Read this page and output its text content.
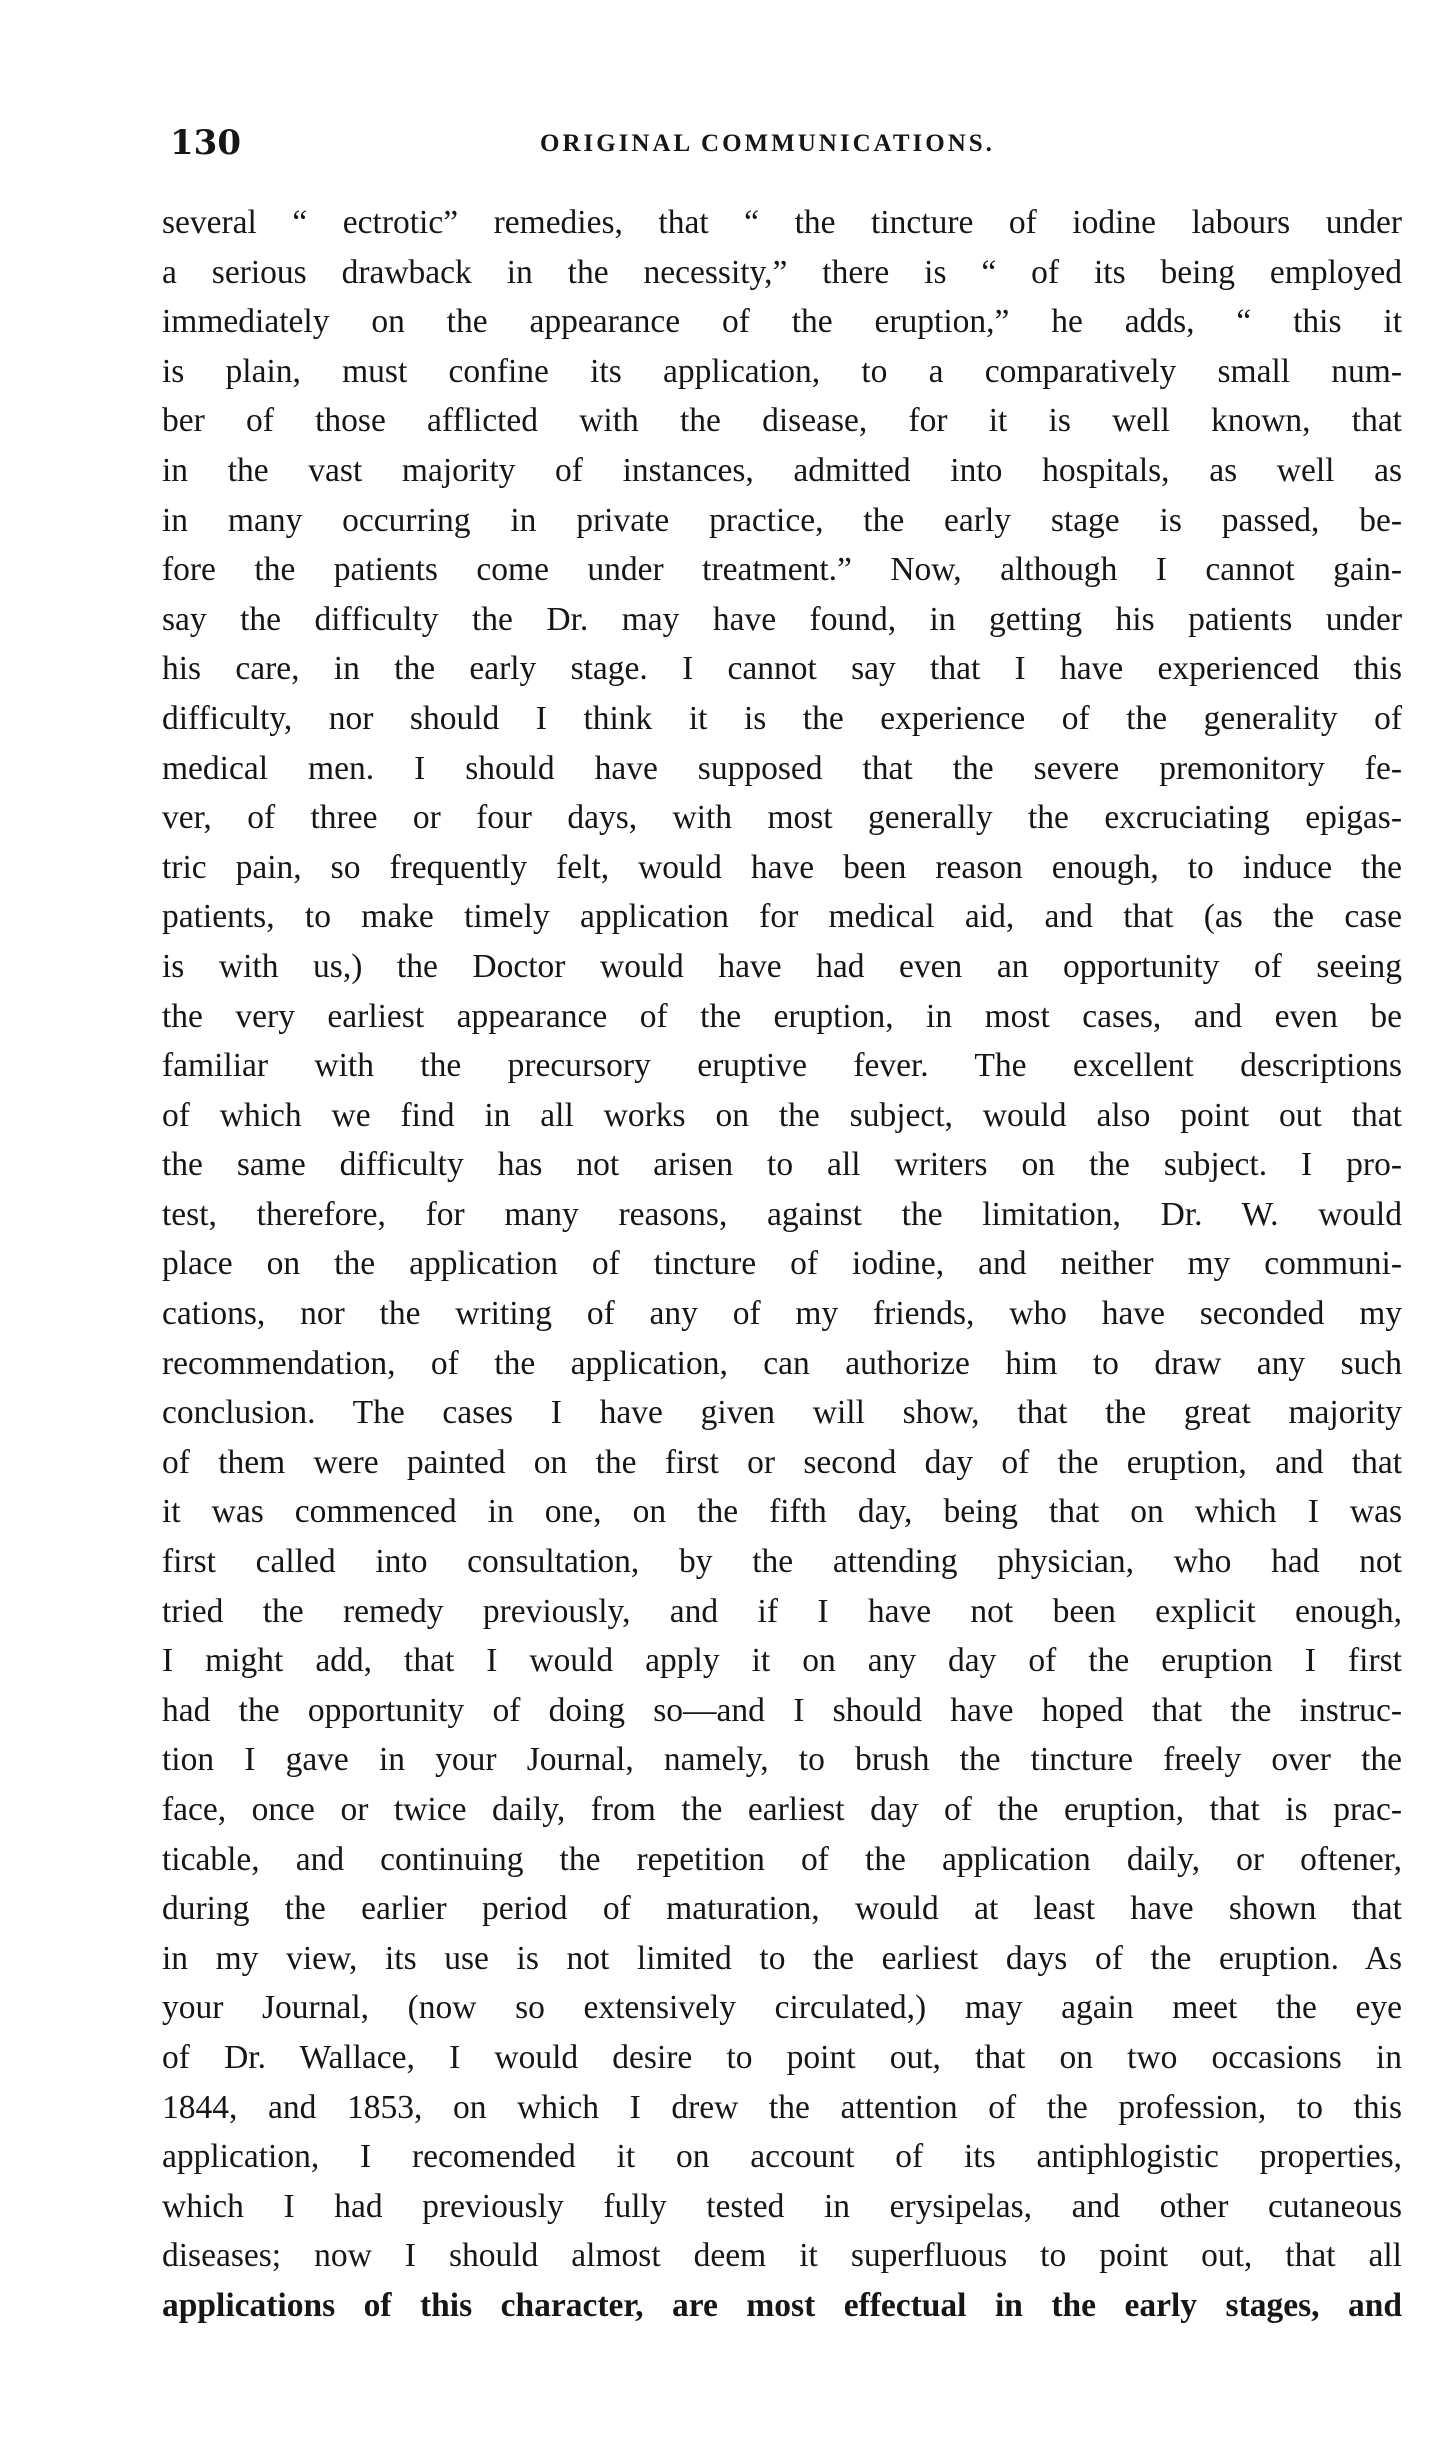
130	ORIGINAL COMMUNICATIONS.
several “ ectrotic” remedies, that “ the tincture of iodine labours under
a serious drawback in the necessity,” there is “ of its being employed
immediately on the appearance of the eruption,” he adds, “ this it
is plain, must confine its application, to a comparatively small num-
ber of those afflicted with the disease, for it is well known, that
in the vast majority of instances, admitted into hospitals, as well as
in many occurring in private practice, the early stage is passed, be-
fore the patients come under treatment.” Now, although I cannot gain-
say the difficulty the Dr. may have found, in getting his patients under
his care, in the early stage. I cannot say that I have experienced this
difficulty, nor should I think it is the experience of the generality of
medical men. I should have supposed that the severe premonitory fe-
ver, of three or four days, with most generally the excruciating epigas-
tric pain, so frequently felt, would have been reason enough, to induce the
patients, to make timely application for medical aid, and that (as the case
is with us,) the Doctor would have had even an opportunity of seeing
the very earliest appearance of the eruption, in most cases, and even be
familiar with the precursory eruptive fever. The excellent descriptions
of which we find in all works on the subject, would also point out that
the same difficulty has not arisen to all writers on the subject. I pro-
test, therefore, for many reasons, against the limitation, Dr. W. would
place on the application of tincture of iodine, and neither my communi-
cations, nor the writing of any of my friends, who have seconded my
recommendation, of the application, can authorize him to draw any such
conclusion. The cases I have given will show, that the great majority
of them were painted on the first or second day of the eruption, and that
it was commenced in one, on the fifth day, being that on which I was
first called into consultation, by the attending physician, who had not
tried the remedy previously, and if I have not been explicit enough,
I might add, that I would apply it on any day of the eruption I first
had the opportunity of doing so—and I should have hoped that the instruc-
tion I gave in your Journal, namely, to brush the tincture freely over the
face, once or twice daily, from the earliest day of the eruption, that is prac-
ticable, and continuing the repetition of the application daily, or oftener,
during the earlier period of maturation, would at least have shown that
in my view, its use is not limited to the earliest days of the eruption. As
your Journal, (now so extensively circulated,) may again meet the eye
of Dr. Wallace, I would desire to point out, that on two occasions in
1844, and 1853, on which I drew the attention of the profession, to this
application, I recomended it on account of its antiphlogistic properties,
which I had previously fully tested in erysipelas, and other cutaneous
diseases; now I should almost deem it superfluous to point out, that all
applications of this character, are most effectual in the early stages, and
